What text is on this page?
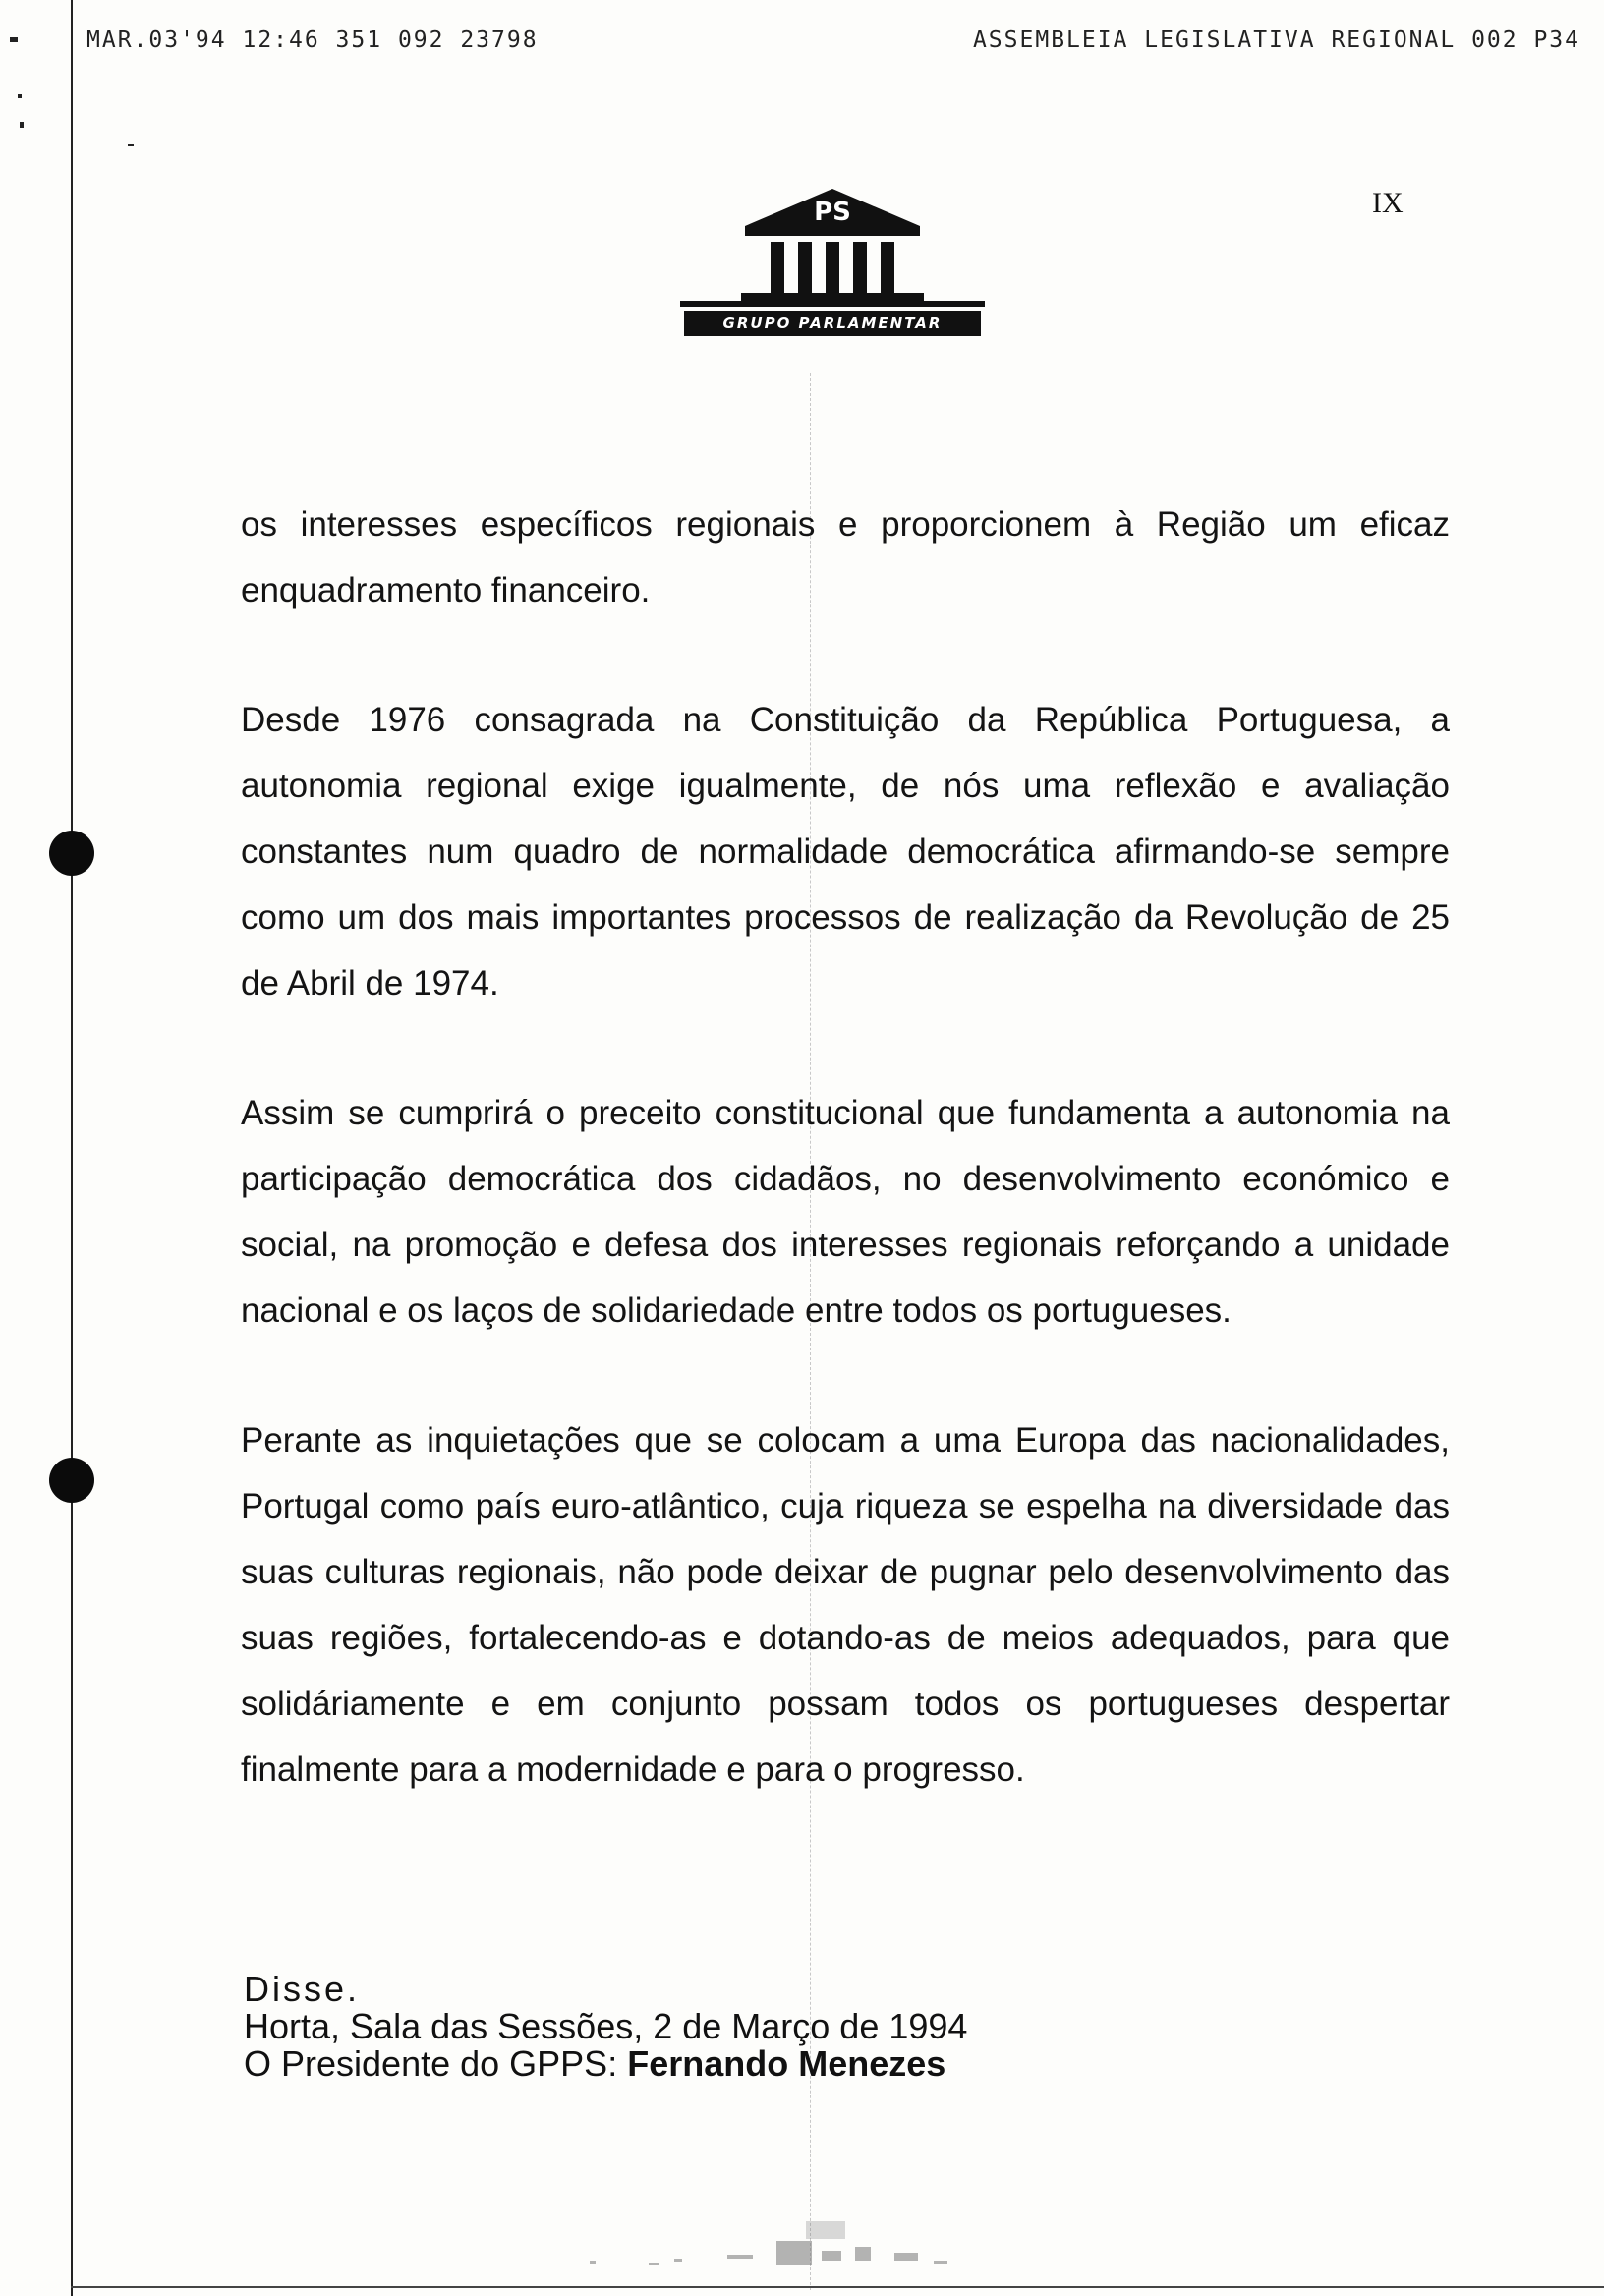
MAR.03'94 12:46 351 092 23798	ASSEMBLEIA LEGISLATIVA REGIONAL 002 P34
PS
GRUPO PARLAMENTAR
IX

os interesses específicos regionais e proporcionem à Região um eficaz enquadramento financeiro.

Desde 1976 consagrada na Constituição da República Portuguesa, a autonomia regional exige igualmente, de nós uma reflexão e avaliação constantes num quadro de normalidade democrática afirmando-se sempre como um dos mais importantes processos de realização da Revolução de 25 de Abril de 1974.

Assim se cumprirá o preceito constitucional que fundamenta a autonomia na participação democrática dos cidadãos, no desenvolvimento económico e social, na promoção e defesa dos interesses regionais reforçando a unidade nacional e os laços de solidariedade entre todos os portugueses.

Perante as inquietações que se colocam a uma Europa das nacionalidades, Portugal como país euro-atlântico, cuja riqueza se espelha na diversidade das suas culturas regionais, não pode deixar de pugnar pelo desenvolvimento das suas regiões, fortalecendo-as e dotando-as de meios adequados, para que solidáriamente e em conjunto possam todos os portugueses despertar finalmente para a modernidade e para o progresso.

Disse.
Horta, Sala das Sessões, 2 de Março de 1994
O Presidente do GPPS: Fernando Menezes
